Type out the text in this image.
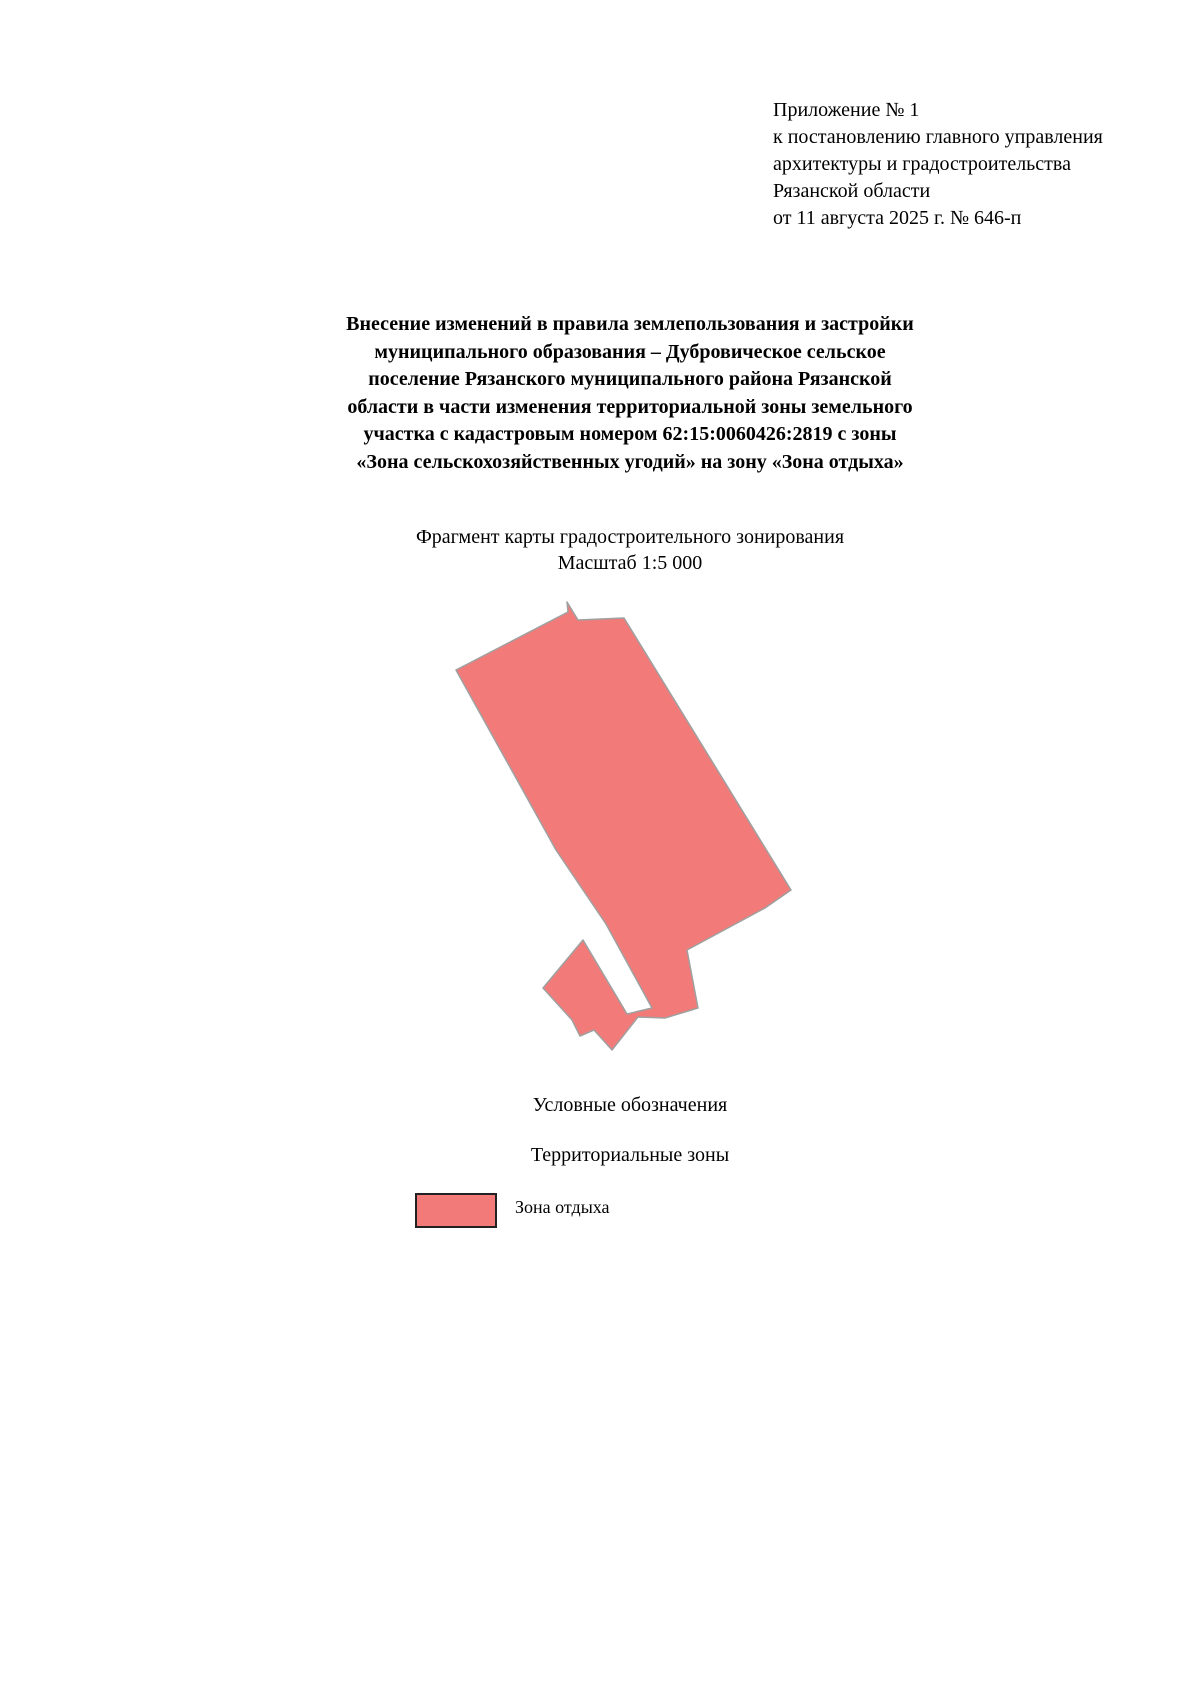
Приложение № 1
к постановлению главного управления
архитектуры и градостроительства
Рязанской области
от 11 августа 2025 г. № 646-п
Внесение изменений в правила землепользования и застройки
муниципального образования – Дубровическое сельское
поселение Рязанского муниципального района Рязанской
области в части изменения территориальной зоны земельного
участка с кадастровым номером 62:15:0060426:2819 с зоны
«Зона сельскохозяйственных угодий» на зону «Зона отдыха»
Фрагмент карты градостроительного зонирования
Масштаб 1:5 000
Условные обозначения
Территориальные зоны
Зона отдыха
